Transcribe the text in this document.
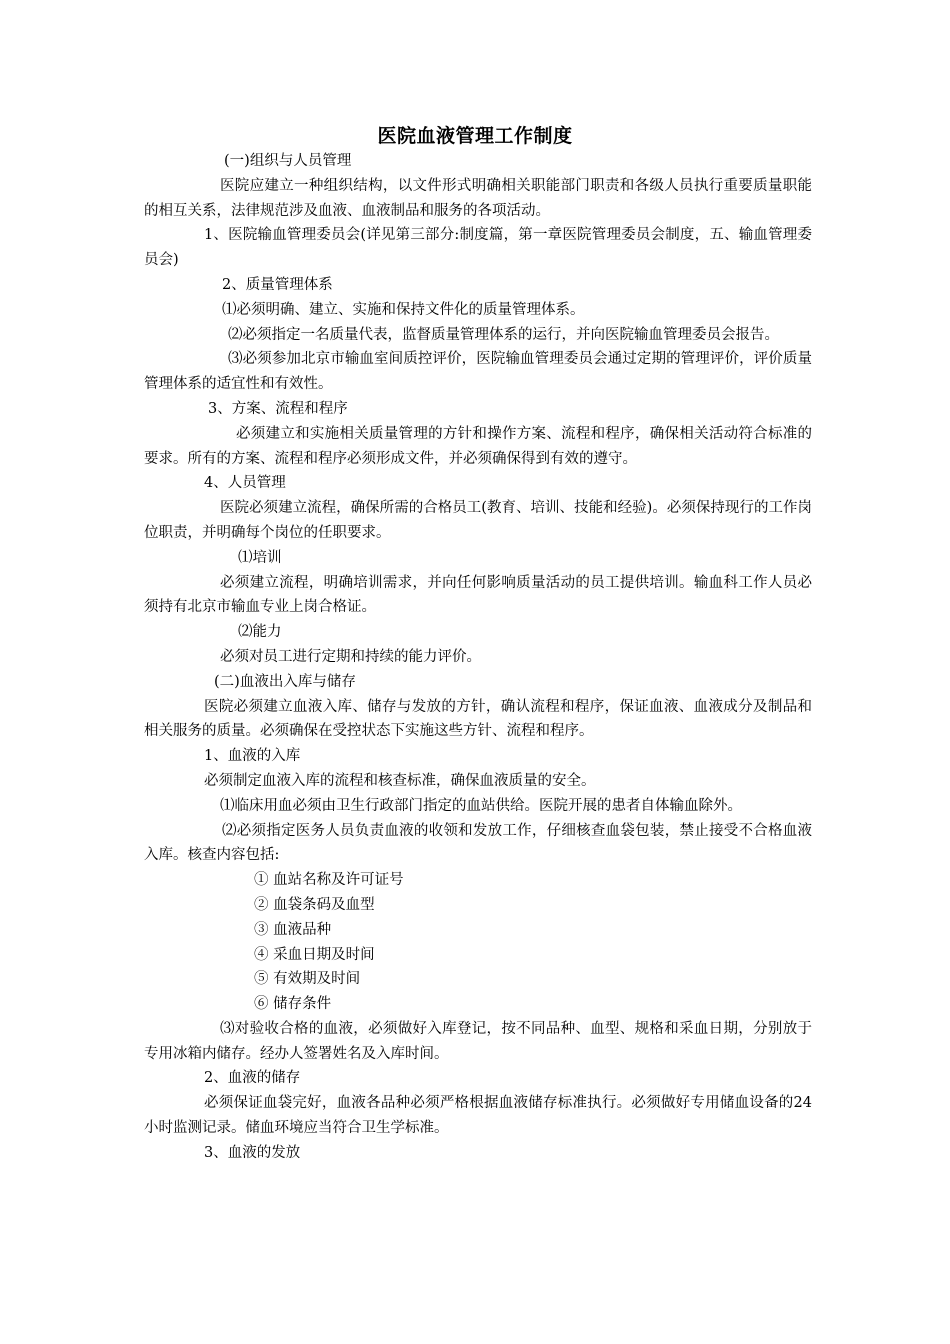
医院血液管理工作制度

(一)组织与人员管理

医院应建立一种组织结构，以文件形式明确相关职能部门职责和各级人员执行重要质量职能的相互关系，法律规范涉及血液、血液制品和服务的各项活动。

1、医院输血管理委员会(详见第三部分:制度篇，第一章医院管理委员会制度，五、输血管理委员会)

2、质量管理体系

⑴必须明确、建立、实施和保持文件化的质量管理体系。

⑵必须指定一名质量代表，监督质量管理体系的运行，并向医院输血管理委员会报告。

⑶必须参加北京市输血室间质控评价，医院输血管理委员会通过定期的管理评价，评价质量管理体系的适宜性和有效性。

3、方案、流程和程序

必须建立和实施相关质量管理的方针和操作方案、流程和程序，确保相关活动符合标准的要求。所有的方案、流程和程序必须形成文件，并必须确保得到有效的遵守。

4、人员管理

医院必须建立流程，确保所需的合格员工(教育、培训、技能和经验)。必须保持现行的工作岗位职责，并明确每个岗位的任职要求。

⑴培训

必须建立流程，明确培训需求，并向任何影响质量活动的员工提供培训。输血科工作人员必须持有北京市输血专业上岗合格证。

⑵能力

必须对员工进行定期和持续的能力评价。

(二)血液出入库与储存

医院必须建立血液入库、储存与发放的方针，确认流程和程序，保证血液、血液成分及制品和相关服务的质量。必须确保在受控状态下实施这些方针、流程和程序。

1、血液的入库

必须制定血液入库的流程和核查标准，确保血液质量的安全。

⑴临床用血必须由卫生行政部门指定的血站供给。医院开展的患者自体输血除外。

⑵必须指定医务人员负责血液的收领和发放工作，仔细核查血袋包装，禁止接受不合格血液入库。核查内容包括:

① 血站名称及许可证号

② 血袋条码及血型

③ 血液品种

④ 采血日期及时间

⑤ 有效期及时间

⑥ 储存条件

⑶对验收合格的血液，必须做好入库登记，按不同品种、血型、规格和采血日期，分别放于专用冰箱内储存。经办人签署姓名及入库时间。

2、血液的储存

必须保证血袋完好，血液各品种必须严格根据血液储存标准执行。必须做好专用储血设备的24小时监测记录。储血环境应当符合卫生学标准。

3、血液的发放
